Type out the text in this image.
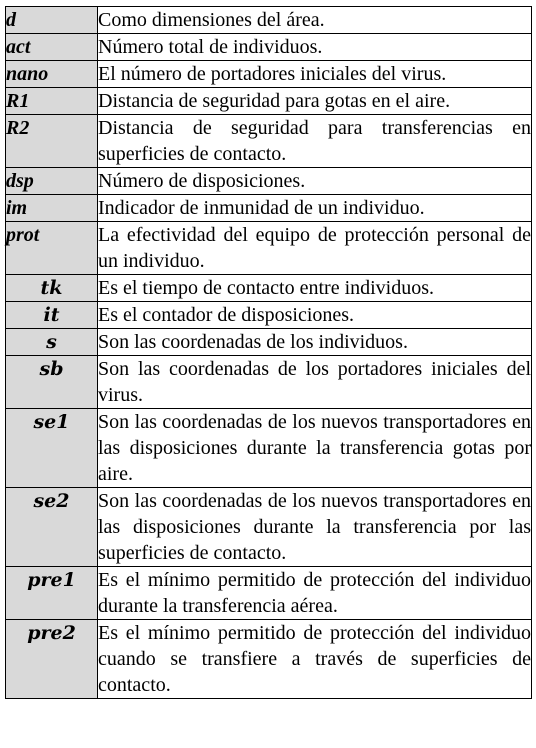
d	Como dimensiones del área.
act	Número total de individuos.
nano	El número de portadores iniciales del virus.
R1	Distancia de seguridad para gotas en el aire.
R2	Distancia de seguridad para transferencias en superficies de contacto.
dsp	Número de disposiciones.
im	Indicador de inmunidad de un individuo.
prot	La efectividad del equipo de protección personal de un individuo.
tk	Es el tiempo de contacto entre individuos.
it	Es el contador de disposiciones.
s	Son las coordenadas de los individuos.
sb	Son las coordenadas de los portadores iniciales del virus.
se1	Son las coordenadas de los nuevos transportadores en las disposiciones durante la transferencia gotas por aire.
se2	Son las coordenadas de los nuevos transportadores en las disposiciones durante la transferencia por las superficies de contacto.
pre1	Es el mínimo permitido de protección del individuo durante la transferencia aérea.
pre2	Es el mínimo permitido de protección del individuo cuando se transfiere a través de superficies de contacto.
